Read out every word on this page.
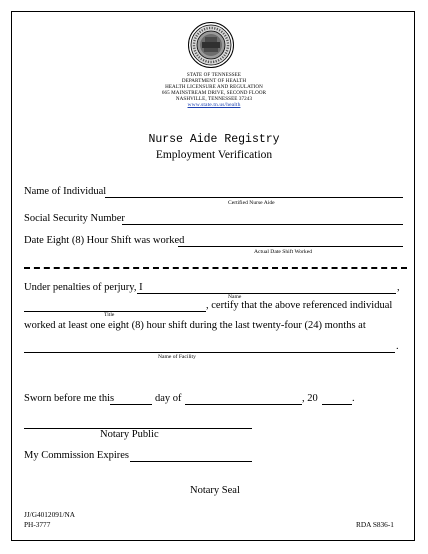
STATE OF TENNESSEE
DEPARTMENT OF HEALTH
HEALTH LICENSURE AND REGULATION
665 MAINSTREAM DRIVE, SECOND FLOOR
NASHVILLE, TENNESSEE 37243
www.state.tn.us/health
Nurse Aide Registry
Employment Verification
Name of Individual
Certified Nurse Aide
Social Security Number
Date Eight (8) Hour Shift was worked
Actual Date Shift Worked
Under penalties of perjury, I	,
Name
, certify that the above referenced individual
Title
worked at least one eight (8) hour shift during the last twenty-four (24) months at
.
Name of Facility
Sworn before me this	day of	, 20	.
Notary Public
My Commission Expires
Notary Seal
JJ/G4012091/NA
PH-3777	RDA S836-1
